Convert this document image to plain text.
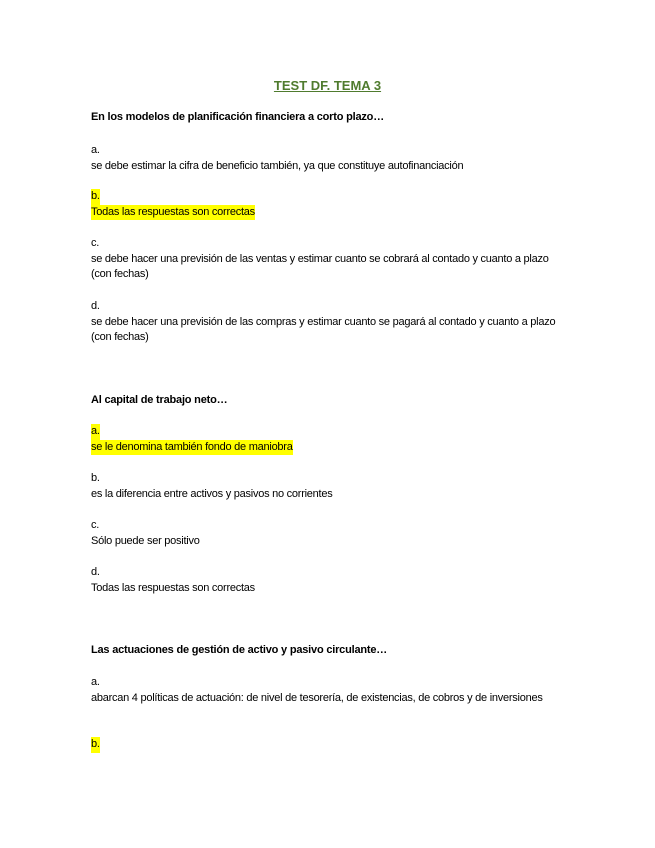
TEST DF. TEMA 3
En los modelos de planificación financiera a corto plazo…
a.
se debe estimar la cifra de beneficio también, ya que constituye autofinanciación
b.
Todas las respuestas son correctas
c.
se debe hacer una previsión de las ventas y estimar cuanto se cobrará al contado y cuanto a plazo (con fechas)
d.
se debe hacer una previsión de las compras y estimar cuanto se pagará al contado y cuanto a plazo (con fechas)
Al capital de trabajo neto…
a.
se le denomina también fondo de maniobra
b.
es la diferencia entre activos y pasivos no corrientes
c.
Sólo puede ser positivo
d.
Todas las respuestas son correctas
Las actuaciones de gestión de activo y pasivo circulante…
a.
abarcan 4 políticas de actuación: de nivel de tesorería, de existencias, de cobros y de inversiones
b.
